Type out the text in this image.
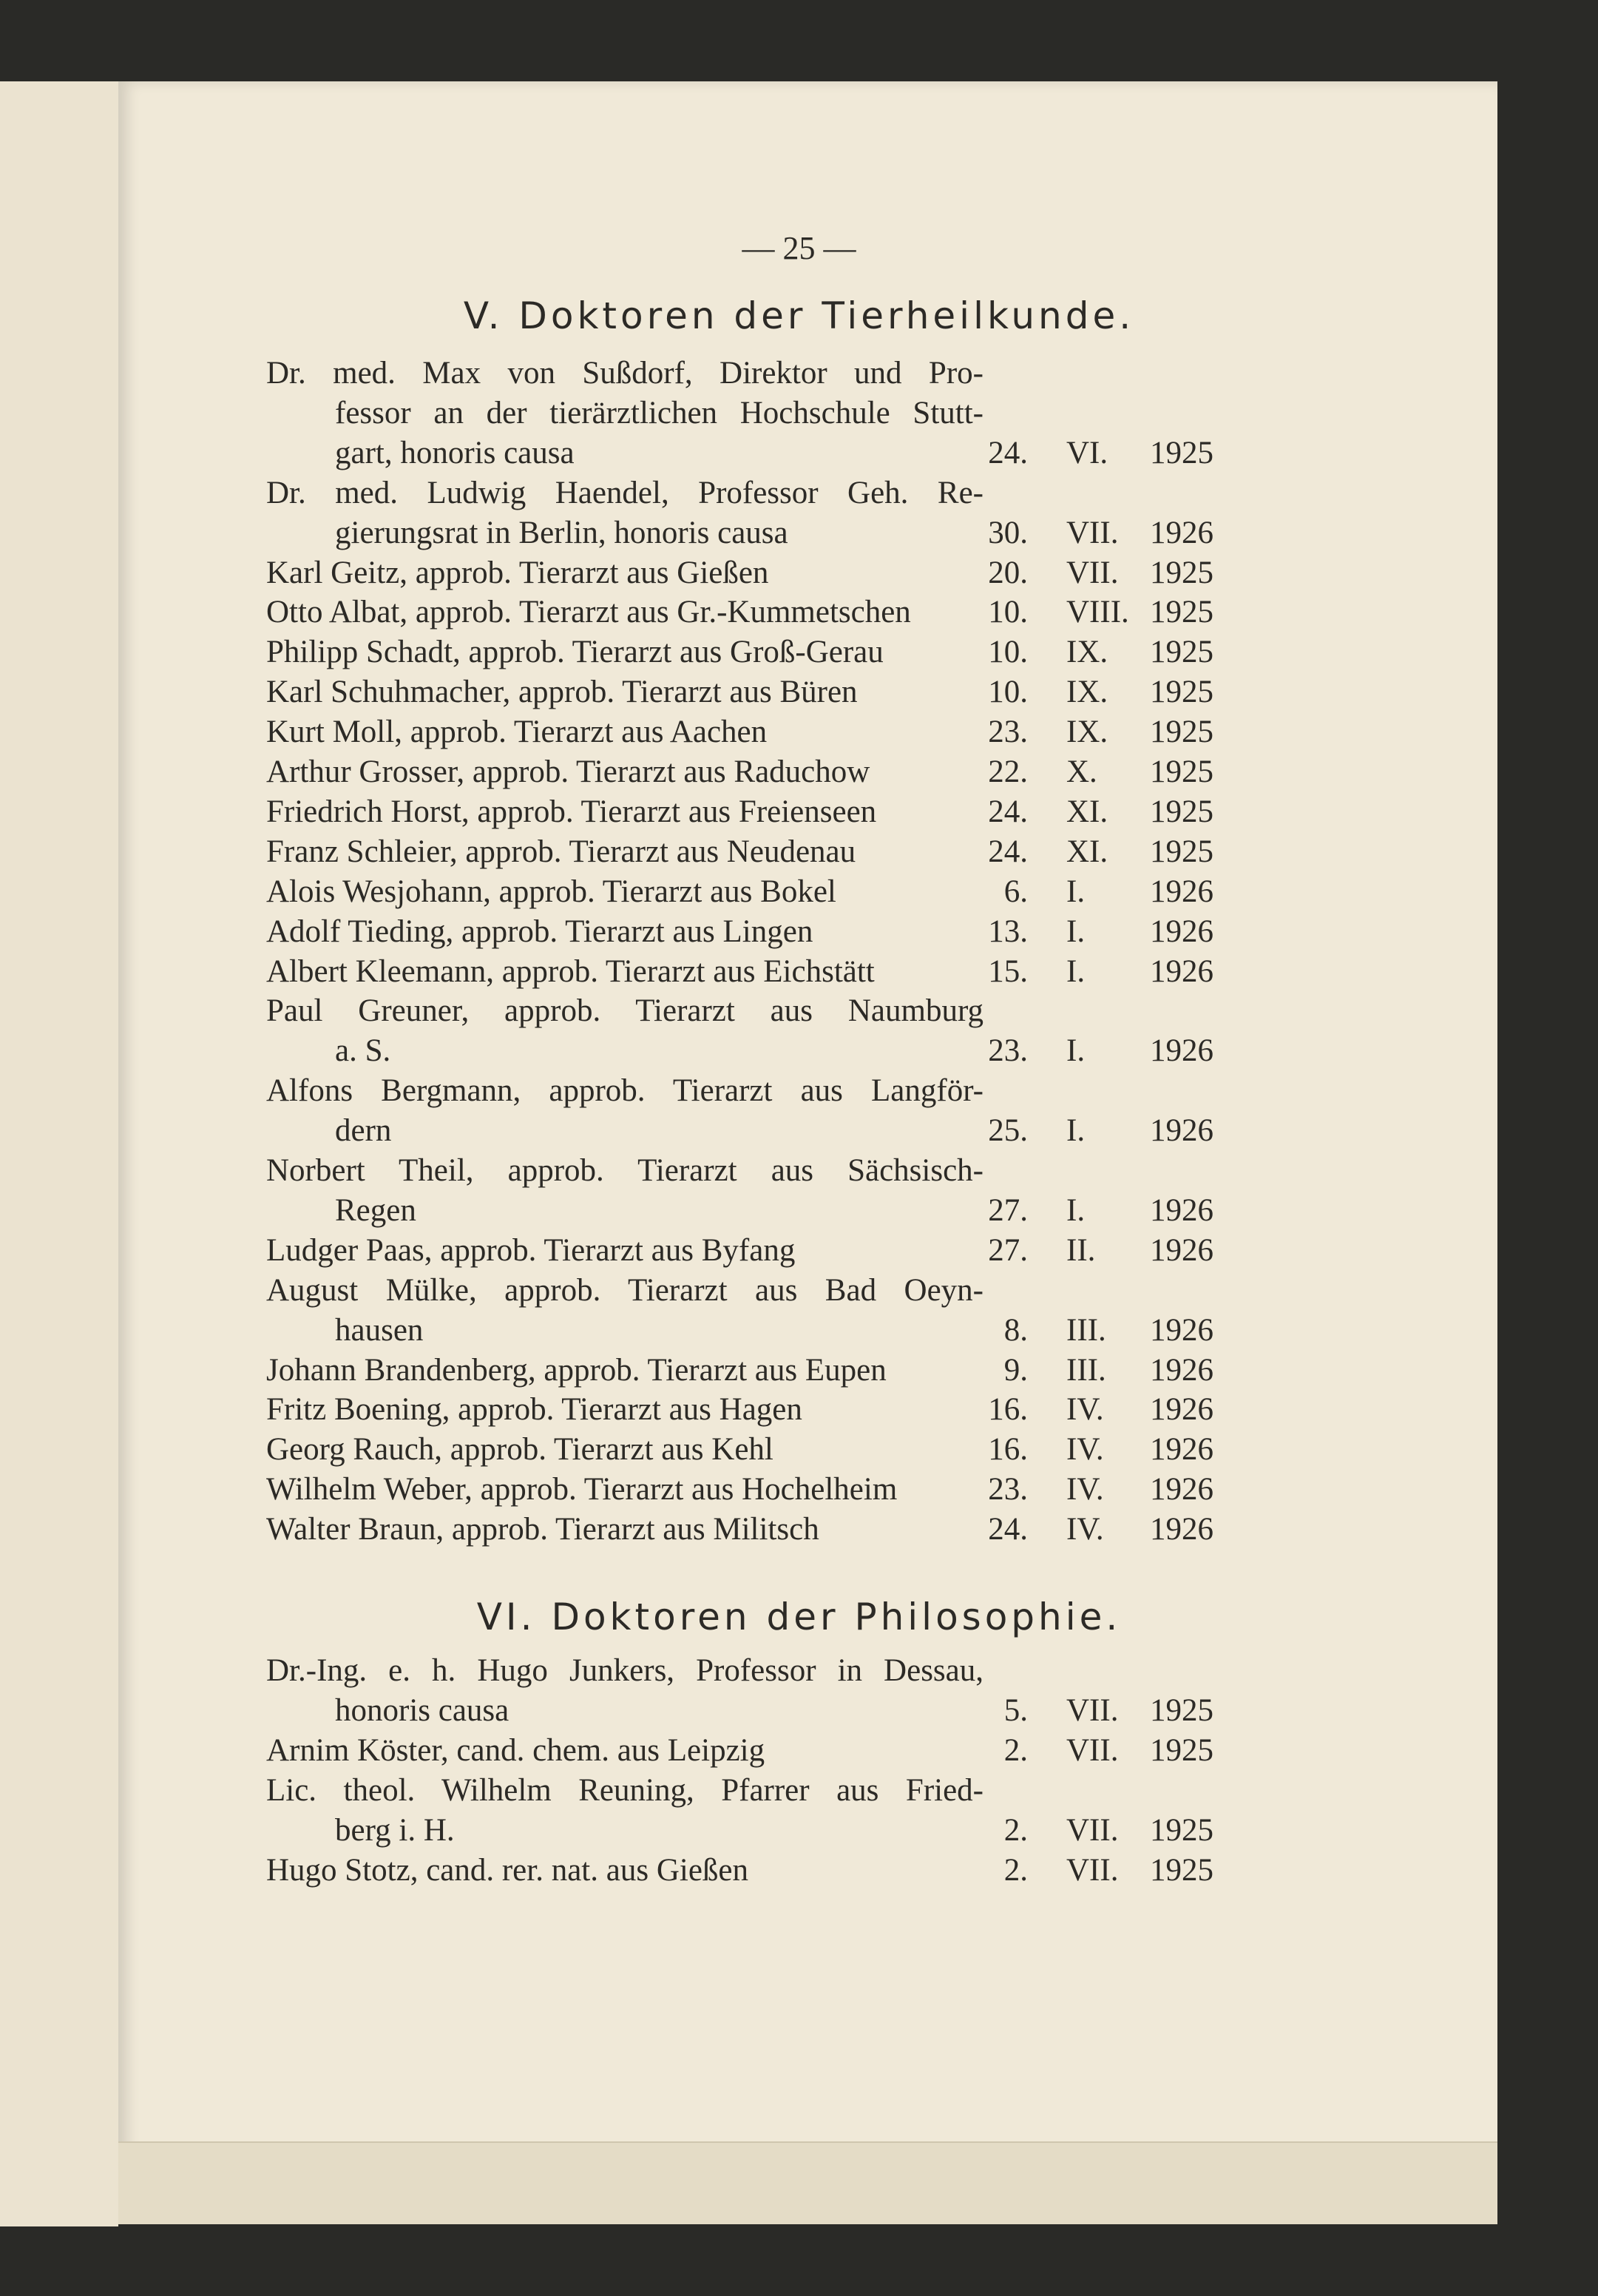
— 25 —
V. Doktoren der Tierheilkunde.
Dr. med. Max von Sußdorf, Direktor und Pro-
fessor an der tierärztlichen Hochschule Stutt-
gart, honoris causa	24. VI. 1925
Dr. med. Ludwig Haendel, Professor Geh. Re-
gierungsrat in Berlin, honoris causa	30. VII. 1926
Karl Geitz, approb. Tierarzt aus Gießen	20. VII. 1925
Otto Albat, approb. Tierarzt aus Gr.-Kummetschen	10. VIII. 1925
Philipp Schadt, approb. Tierarzt aus Groß-Gerau	10. IX. 1925
Karl Schuhmacher, approb. Tierarzt aus Büren	10. IX. 1925
Kurt Moll, approb. Tierarzt aus Aachen	23. IX. 1925
Arthur Grosser, approb. Tierarzt aus Raduchow	22. X. 1925
Friedrich Horst, approb. Tierarzt aus Freienseen	24. XI. 1925
Franz Schleier, approb. Tierarzt aus Neudenau	24. XI. 1925
Alois Wesjohann, approb. Tierarzt aus Bokel	6. I. 1926
Adolf Tieding, approb. Tierarzt aus Lingen	13. I. 1926
Albert Kleemann, approb. Tierarzt aus Eichstätt	15. I. 1926
Paul Greuner, approb. Tierarzt aus Naumburg
a. S.	23. I. 1926
Alfons Bergmann, approb. Tierarzt aus Langför-
dern	25. I. 1926
Norbert Theil, approb. Tierarzt aus Sächsisch-
Regen	27. I. 1926
Ludger Paas, approb. Tierarzt aus Byfang	27. II. 1926
August Mülke, approb. Tierarzt aus Bad Oeyn-
hausen	8. III. 1926
Johann Brandenberg, approb. Tierarzt aus Eupen	9. III. 1926
Fritz Boening, approb. Tierarzt aus Hagen	16. IV. 1926
Georg Rauch, approb. Tierarzt aus Kehl	16. IV. 1926
Wilhelm Weber, approb. Tierarzt aus Hochelheim	23. IV. 1926
Walter Braun, approb. Tierarzt aus Militsch	24. IV. 1926
VI. Doktoren der Philosophie.
Dr.-Ing. e. h. Hugo Junkers, Professor in Dessau,
honoris causa	5. VII. 1925
Arnim Köster, cand. chem. aus Leipzig	2. VII. 1925
Lic. theol. Wilhelm Reuning, Pfarrer aus Fried-
berg i. H.	2. VII. 1925
Hugo Stotz, cand. rer. nat. aus Gießen	2. VII. 1925
